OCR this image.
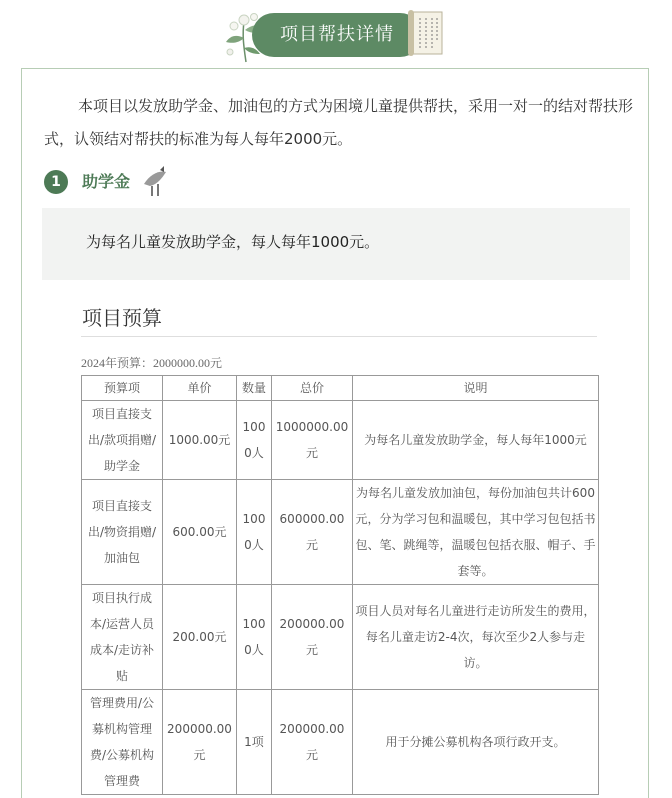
项目帮扶详情
本项目以发放助学金、加油包的方式为困境儿童提供帮扶，采用一对一的结对帮扶形式，认领结对帮扶的标准为每人每年2000元。
1	助学金
为每名儿童发放助学金，每人每年1000元。
项目预算
2024年预算：2000000.00元
预算项	单价	数量	总价	说明
项目直接支出/款项捐赠/助学金	1000.00元	1000人	1000000.00元	为每名儿童发放助学金，每人每年1000元
项目直接支出/物资捐赠/加油包	600.00元	1000人	600000.00元	为每名儿童发放加油包，每份加油包共计600元，分为学习包和温暖包，其中学习包包括书包、笔、跳绳等，温暖包包括衣服、帽子、手套等。
项目执行成本/运营人员成本/走访补贴	200.00元	1000人	200000.00元	项目人员对每名儿童进行走访所发生的费用，每名儿童走访2-4次，每次至少2人参与走访。
管理费用/公募机构管理费/公募机构管理费	200000.00元	1项	200000.00元	用于分摊公募机构各项行政开支。
